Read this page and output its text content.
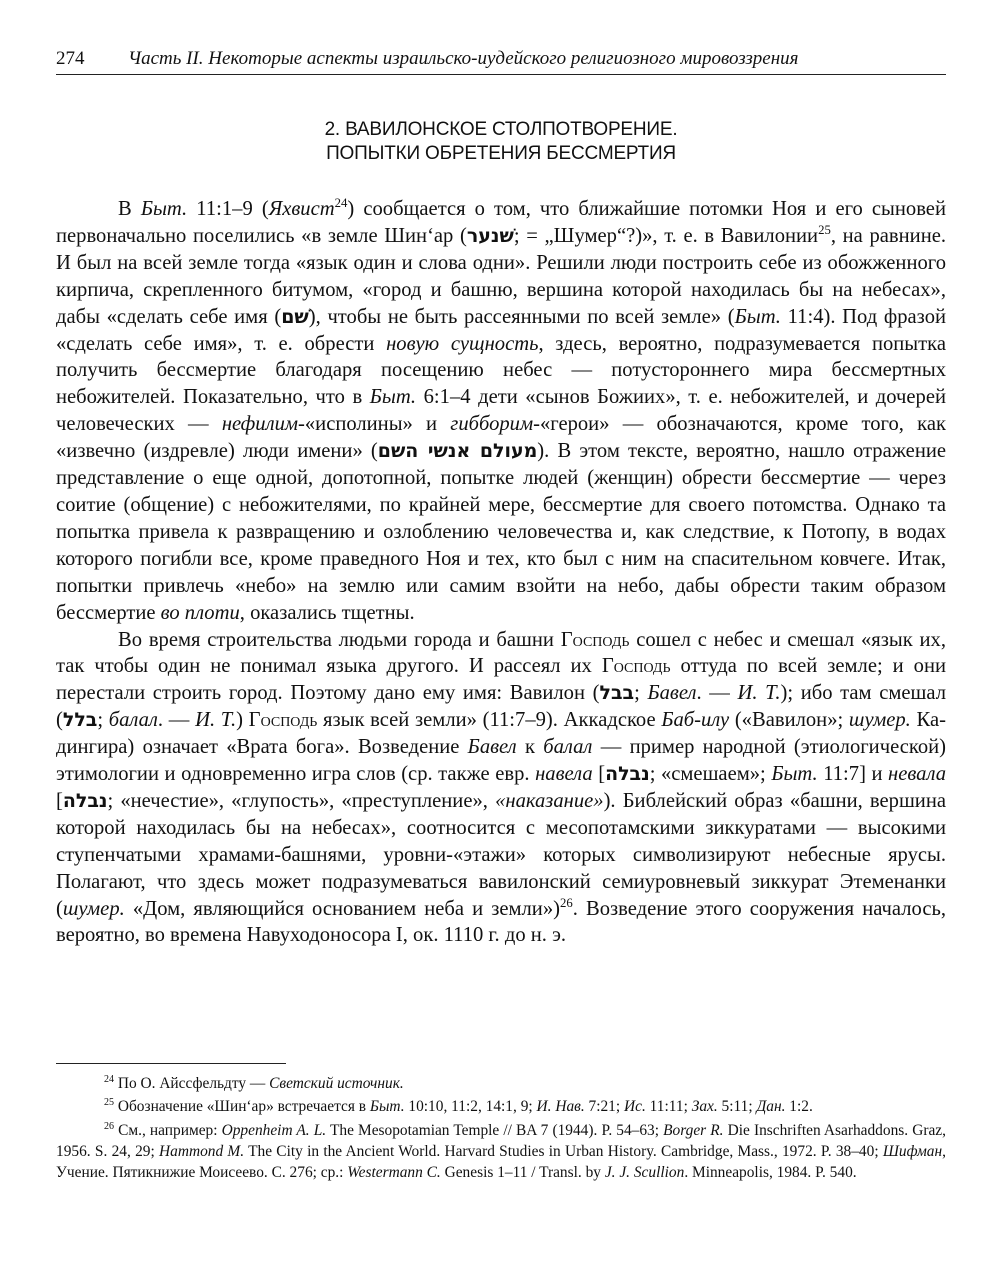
274 Часть II. Некоторые аспекты израильско-иудейского религиозного мировоззрения
2. ВАВИЛОНСКОЕ СТОЛПОТВОРЕНИЕ.
ПОПЫТКИ ОБРЕТЕНИЯ БЕССМЕРТИЯ

В Быт. 11:1–9 (Яхвист$^{24}$) сообщается о том, что ближайшие потомки Ноя и его сыновей первоначально поселились «в земле Шин‘ар (שׁנער; = „Шумер“?)», т. е. в Вавилонии$^{25}$, на равнине. И был на всей земле тогда «язык один и слова одни». Решили люди построить себе из обожженного кирпича, скрепленного битумом, «город и башню, вершина которой находилась бы на небесах», дабы «сделать себе имя (שׁם), чтобы не быть рассеянными по всей земле» (Быт. 11:4). Под фразой «сделать себе имя», т. е. обрести новую сущность, здесь, вероятно, подразумевается попытка получить бессмертие благодаря посещению небес — потустороннего мира бессмертных небожителей. Показательно, что в Быт. 6:1–4 дети «сынов Божиих», т. е. небожителей, и дочерей человеческих — нефилим-«исполины» и гибборим-«герои» — обозначаются, кроме того, как «извечно (издревле) люди имени» (מעולם אנשי השם). В этом тексте, вероятно, нашло отражение представление о еще одной, допотопной, попытке людей (женщин) обрести бессмертие — через соитие (общение) с небожителями, по крайней мере, бессмертие для своего потомства. Однако та попытка привела к развращению и озлоблению человечества и, как следствие, к Потопу, в водах которого погибли все, кроме праведного Ноя и тех, кто был с ним на спасительном ковчеге. Итак, попытки привлечь «небо» на землю или самим взойти на небо, дабы обрести таким образом бессмертие во плоти, оказались тщетны.

Во время строительства людьми города и башни Господь сошел с небес и смешал «язык их, так чтобы один не понимал языка другого. И рассеял их Господь оттуда по всей земле; и они перестали строить город. Поэтому дано ему имя: Вавилон (בבל; Бавел. — И. Т.); ибо там смешал (בלל; балал. — И. Т.) Господь язык всей земли» (11:7–9). Аккадское Баб-илу («Вавилон»; шумер. Ка-дингира) означает «Врата бога». Возведение Бавел к балал — пример народной (этиологической) этимологии и одновременно игра слов (ср. также евр. навела [נבלה; «смешаем»; Быт. 11:7] и невала [נבלה; «нечестие», «глупость», «преступление», «наказание»). Библейский образ «башни, вершина которой находилась бы на небесах», соотносится с месопотамскими зиккуратами — высокими ступенчатыми храмами-башнями, уровни-«этажи» которых символизируют небесные ярусы. Полагают, что здесь может подразумеваться вавилонский семиуровневый зиккурат Этеменанки (шумер. «Дом, являющийся основанием неба и земли»)$^{26}$. Возведение этого сооружения началось, вероятно, во времена Навуходоносора I, ок. 1110 г. до н. э.

$^{24}$ По О. Айссфельдту — Светский источник.

$^{25}$ Обозначение «Шин‘ар» встречается в Быт. 10:10, 11:2, 14:1, 9; И. Нав. 7:21; Ис. 11:11; Зах. 5:11; Дан. 1:2.

$^{26}$ См., например: Oppenheim A. L. The Mesopotamian Temple // BA 7 (1944). P. 54–63; Borger R. Die Inschriften Asarhaddons. Graz, 1956. S. 24, 29; Hammond M. The City in the Ancient World. Harvard Studies in Urban History. Cambridge, Mass., 1972. P. 38–40; Шифман, Учение. Пятикнижие Моисеево. С. 276; ср.: Westermann C. Genesis 1–11 / Transl. by J. J. Scullion. Minneapolis, 1984. P. 540.
